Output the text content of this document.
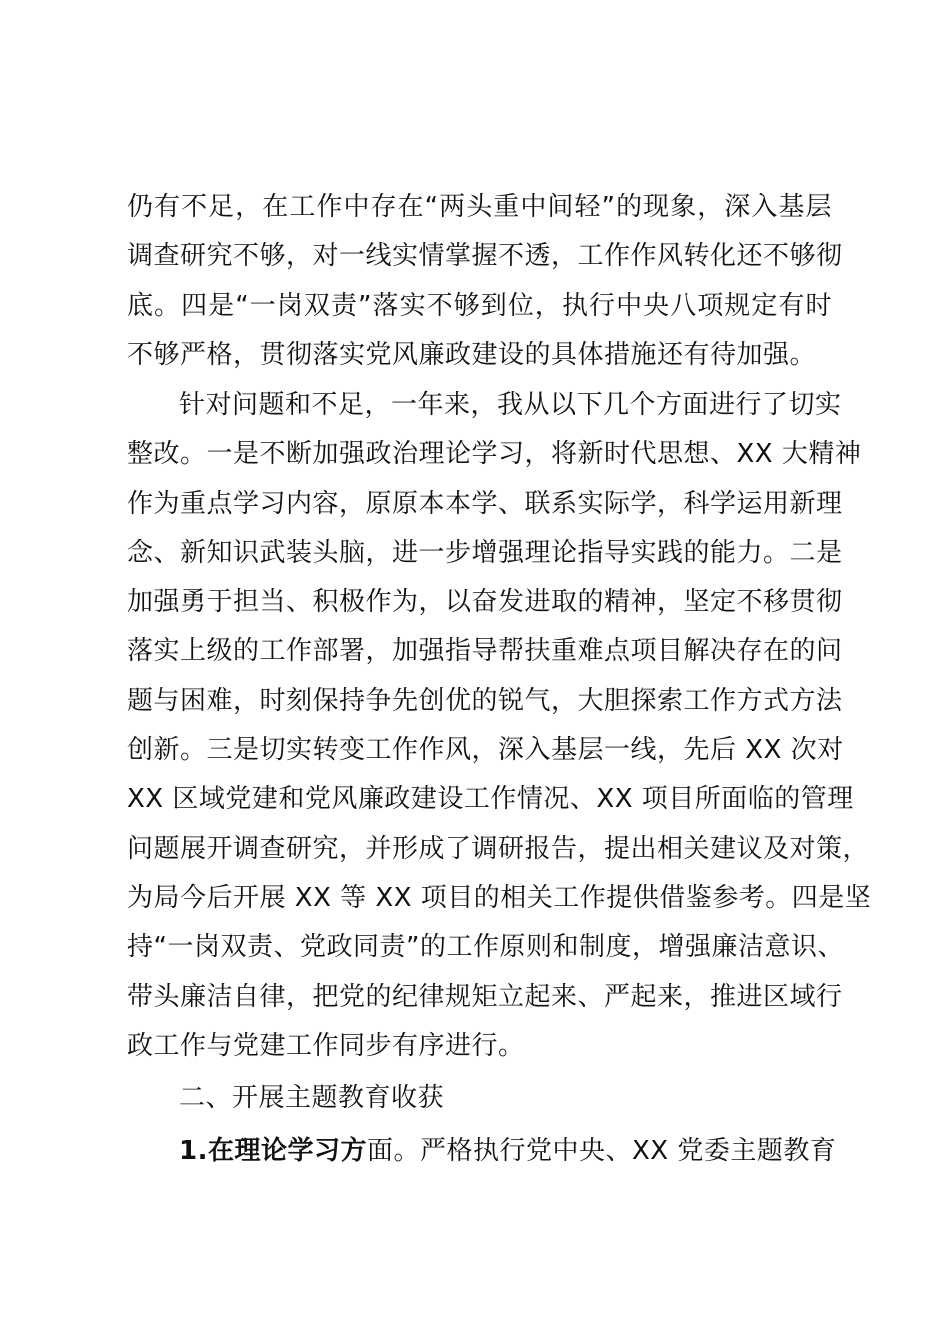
仍有不足，在工作中存在“两头重中间轻”的现象，深入基层
调查研究不够，对一线实情掌握不透，工作作风转化还不够彻
底。四是“一岗双责”落实不够到位，执行中央八项规定有时
不够严格，贯彻落实党风廉政建设的具体措施还有待加强。
针对问题和不足，一年来，我从以下几个方面进行了切实
整改。一是不断加强政治理论学习，将新时代思想、XX 大精神
作为重点学习内容，原原本本学、联系实际学，科学运用新理
念、新知识武装头脑，进一步增强理论指导实践的能力。二是
加强勇于担当、积极作为，以奋发进取的精神，坚定不移贯彻
落实上级的工作部署，加强指导帮扶重难点项目解决存在的问
题与困难，时刻保持争先创优的锐气，大胆探索工作方式方法
创新。三是切实转变工作作风，深入基层一线，先后 XX 次对
XX 区域党建和党风廉政建设工作情况、XX 项目所面临的管理
问题展开调查研究，并形成了调研报告，提出相关建议及对策，
为局今后开展 XX 等 XX 项目的相关工作提供借鉴参考。四是坚
持“一岗双责、党政同责”的工作原则和制度，增强廉洁意识、
带头廉洁自律，把党的纪律规矩立起来、严起来，推进区域行
政工作与党建工作同步有序进行。
二、开展主题教育收获
1.在理论学习方面。严格执行党中央、XX 党委主题教育
